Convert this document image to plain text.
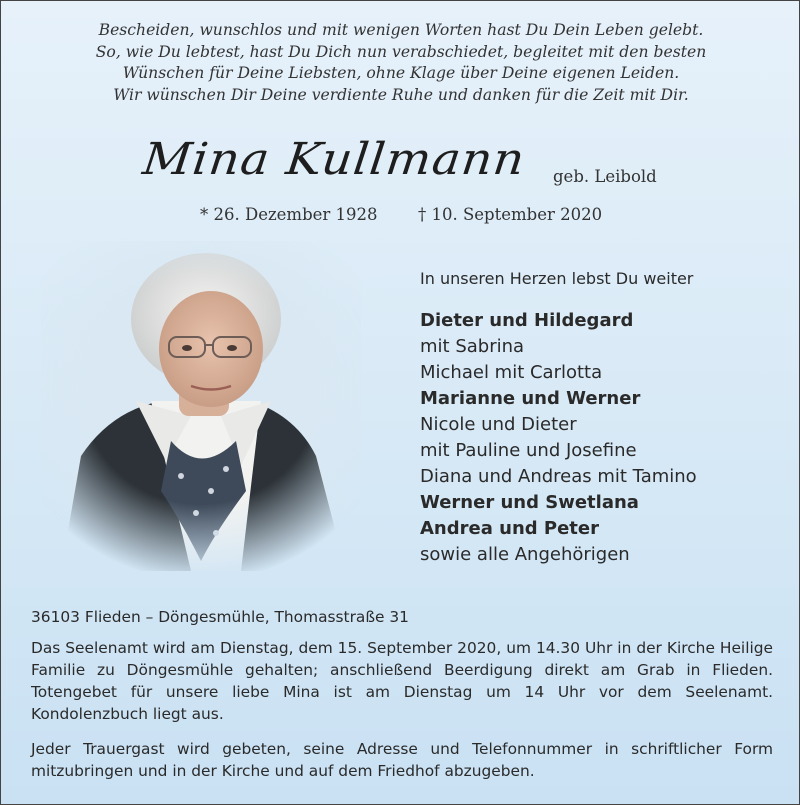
Bescheiden, wunschlos und mit wenigen Worten hast Du Dein Leben gelebt.
So, wie Du lebtest, hast Du Dich nun verabschiedet, begleitet mit den besten
Wünschen für Deine Liebsten, ohne Klage über Deine eigenen Leiden.
Wir wünschen Dir Deine verdiente Ruhe und danken für die Zeit mit Dir.
Mina Kullmann geb. Leibold
* 26. Dezember 1928 † 10. September 2020
In unseren Herzen lebst Du weiter
Dieter und Hildegard
mit Sabrina
Michael mit Carlotta
Marianne und Werner
Nicole und Dieter
mit Pauline und Josefine
Diana und Andreas mit Tamino
Werner und Swetlana
Andrea und Peter
sowie alle Angehörigen
36103 Flieden – Döngesmühle, Thomasstraße 31
Das Seelenamt wird am Dienstag, dem 15. September 2020, um 14.30 Uhr in der Kirche Heilige Familie zu Döngesmühle gehalten; anschließend Beerdigung direkt am Grab in Flieden. Totengebet für unsere liebe Mina ist am Dienstag um 14 Uhr vor dem Seelenamt. Kondolenzbuch liegt aus.
Jeder Trauergast wird gebeten, seine Adresse und Telefonnummer in schriftlicher Form mitzubringen und in der Kirche und auf dem Friedhof abzugeben.
